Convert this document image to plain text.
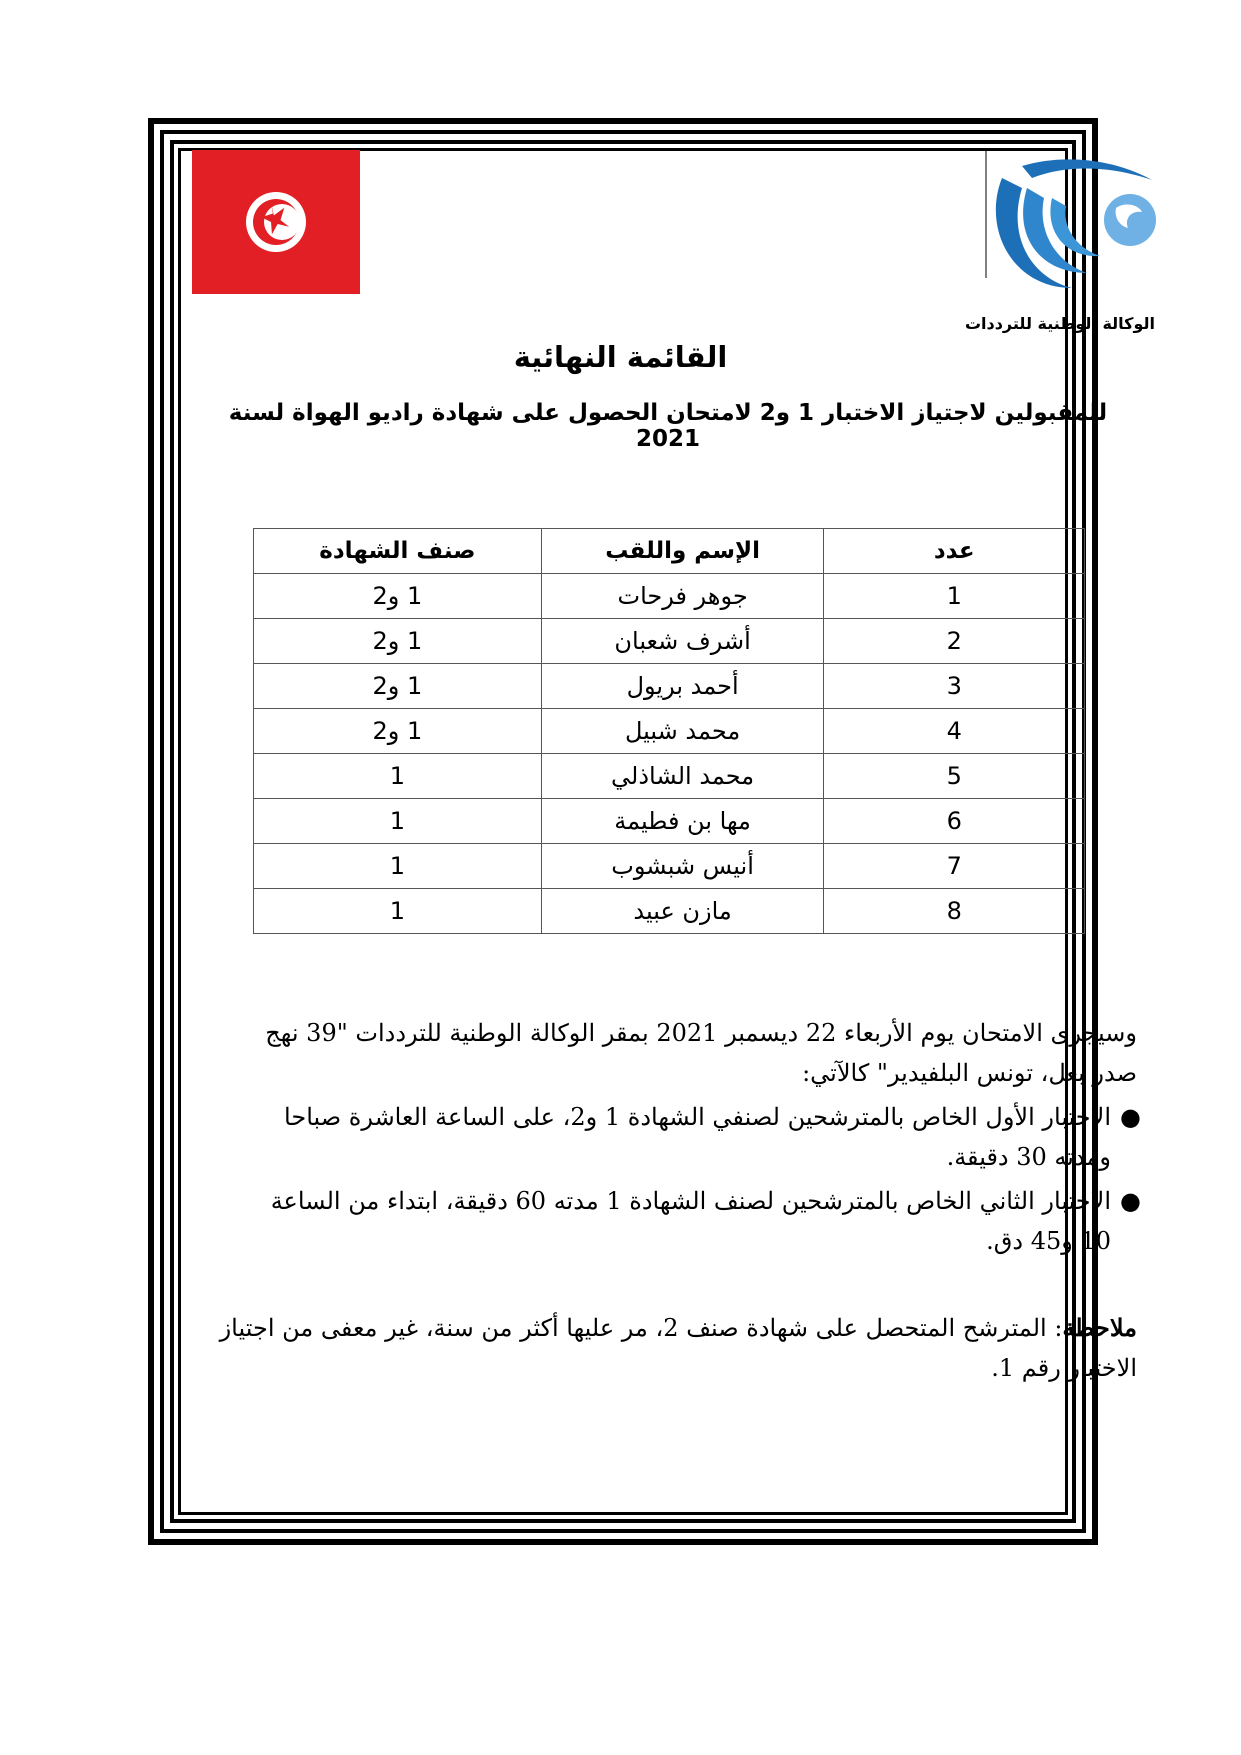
الوكالة الوطنية للترددات
القائمة النهائية
للمقبولين لاجتياز الاختبار 1 و2 لامتحان الحصول على شهادة راديو الهواة لسنة 2021
عدد	الإسم واللقب	صنف الشهادة
1	جوهر فرحات	1 و2
2	أشرف شعبان	1 و2
3	أحمد بريول	1 و2
4	محمد شبيل	1 و2
5	محمد الشاذلي	1
6	مها بن فطيمة	1
7	أنيس شبشوب	1
8	مازن عبيد	1
وسيجرى الامتحان يوم الأربعاء 22 ديسمبر 2021 بمقر الوكالة الوطنية للترددات "39 نهج صدر بعل، تونس البلفيدير" كالآتي:
●
الاختبار الأول الخاص بالمترشحين لصنفي الشهادة 1 و2، على الساعة العاشرة صباحا ومدته 30 دقيقة.
●
الاختبار الثاني الخاص بالمترشحين لصنف الشهادة 1 مدته 60 دقيقة، ابتداء من الساعة 10 و45 دق.
ملاحظة: المترشح المتحصل على شهادة صنف 2، مر عليها أكثر من سنة، غير معفى من اجتياز الاختبار رقم 1.
